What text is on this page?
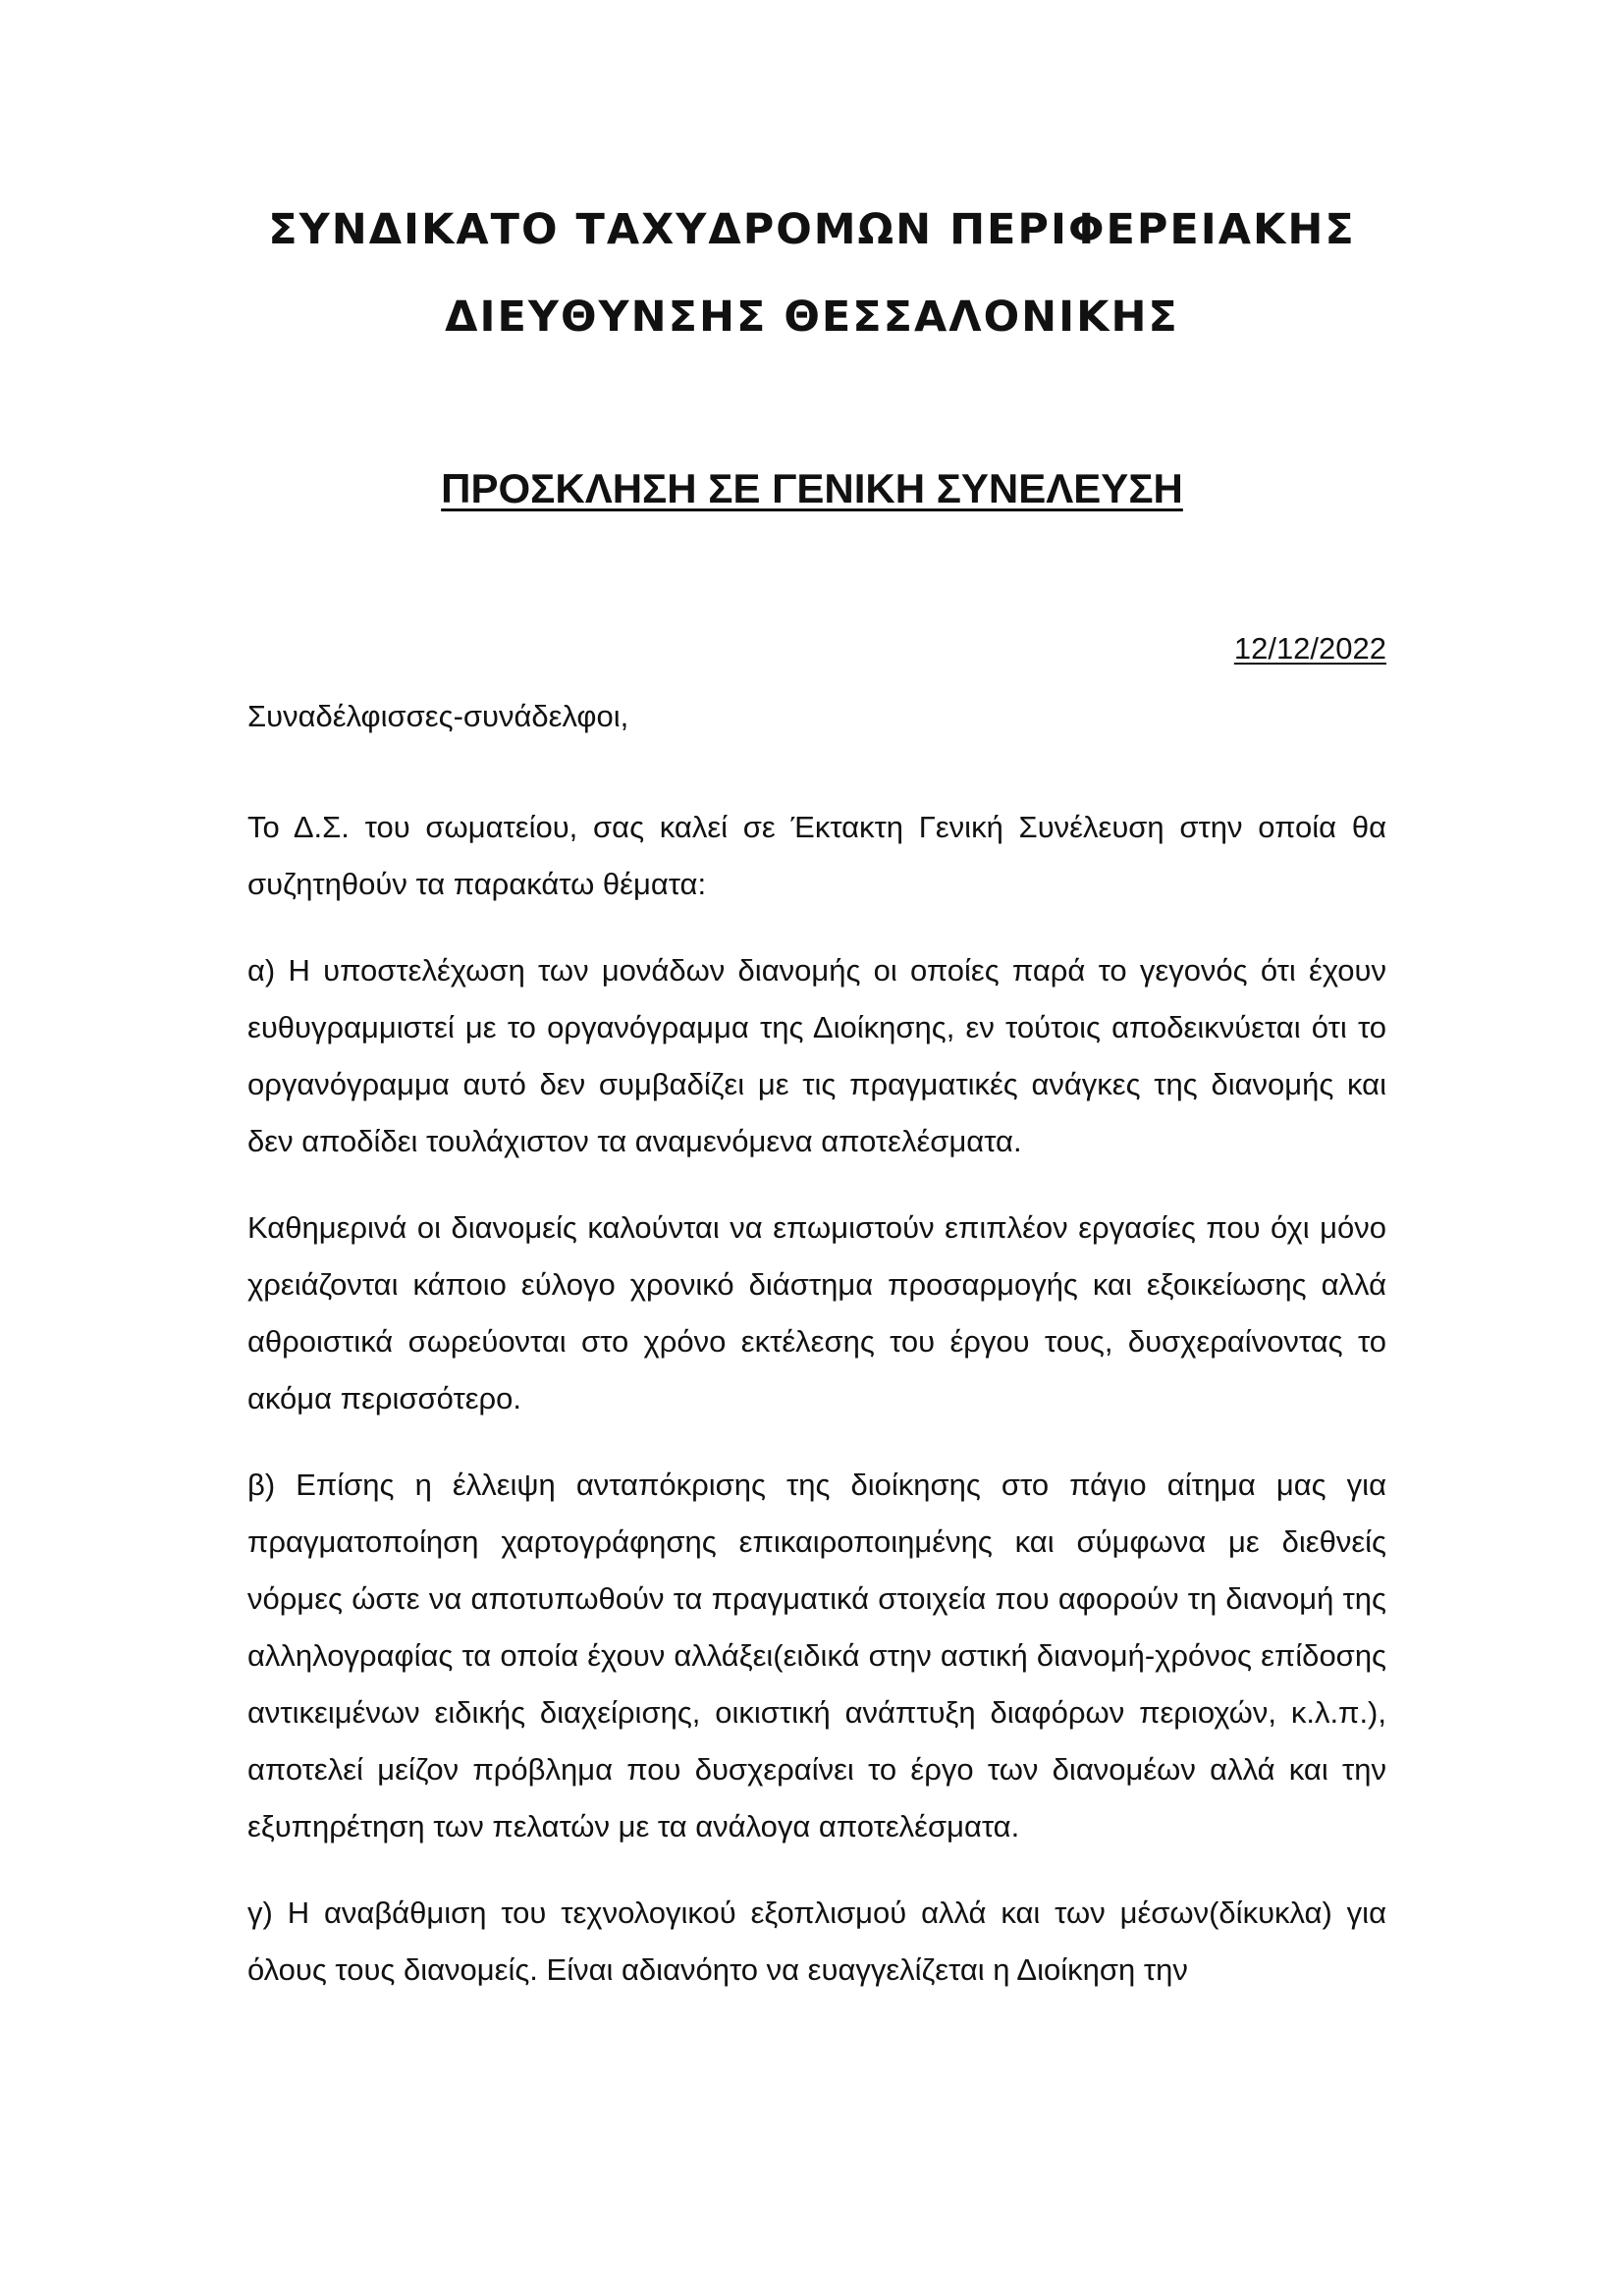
ΣΥΝΔΙΚΑΤΟ ΤΑΧΥΔΡΟΜΩΝ ΠΕΡΙΦΕΡΕΙΑΚΗΣ
ΔΙΕΥΘΥΝΣΗΣ ΘΕΣΣΑΛΟΝΙΚΗΣ
ΠΡΟΣΚΛΗΣΗ ΣΕ ΓΕΝΙΚΗ ΣΥΝΕΛΕΥΣΗ
12/12/2022
Συναδέλφισσες-συνάδελφοι,

Το Δ.Σ. του σωματείου, σας καλεί σε Έκτακτη Γενική Συνέλευση στην οποία θα συζητηθούν τα παρακάτω θέματα:

α) Η υποστελέχωση των μονάδων διανομής οι οποίες παρά το γεγονός ότι έχουν ευθυγραμμιστεί με το οργανόγραμμα της Διοίκησης, εν τούτοις αποδεικνύεται ότι το οργανόγραμμα αυτό δεν συμβαδίζει με τις πραγματικές ανάγκες της διανομής και δεν αποδίδει τουλάχιστον τα αναμενόμενα αποτελέσματα.

Καθημερινά οι διανομείς καλούνται να επωμιστούν επιπλέον εργασίες που όχι μόνο χρειάζονται κάποιο εύλογο χρονικό διάστημα προσαρμογής και εξοικείωσης αλλά αθροιστικά σωρεύονται στο χρόνο εκτέλεσης του έργου τους, δυσχεραίνοντας το ακόμα περισσότερο.

β) Επίσης η έλλειψη ανταπόκρισης της διοίκησης στο πάγιο αίτημα μας για πραγματοποίηση χαρτογράφησης επικαιροποιημένης και σύμφωνα με διεθνείς νόρμες ώστε να αποτυπωθούν τα πραγματικά στοιχεία που αφορούν τη διανομή της αλληλογραφίας τα οποία έχουν αλλάξει(ειδικά στην αστική διανομή-χρόνος επίδοσης αντικειμένων ειδικής διαχείρισης, οικιστική ανάπτυξη διαφόρων περιοχών, κ.λ.π.), αποτελεί μείζον πρόβλημα που δυσχεραίνει το έργο των διανομέων αλλά και την εξυπηρέτηση των πελατών με τα ανάλογα αποτελέσματα.

γ) Η αναβάθμιση του τεχνολογικού εξοπλισμού αλλά και των μέσων(δίκυκλα) για όλους τους διανομείς. Είναι αδιανόητο να ευαγγελίζεται η Διοίκηση την
